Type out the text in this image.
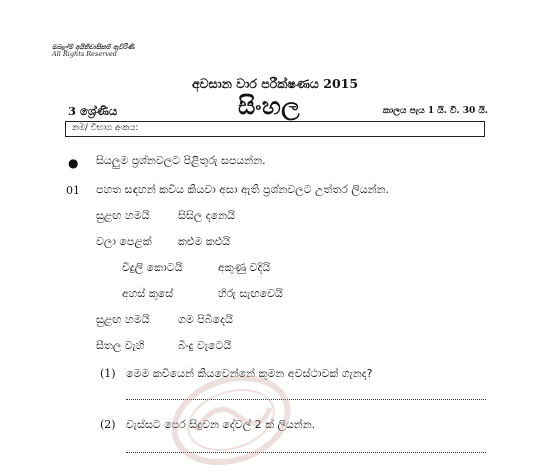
ඔබෑල්ම් අයිතිවාසිකම් ඇවිරිණි
All Rights Reserved
අවසාන වාර පරීක්ෂණය 2015
3 ශ්‍රේණිය	සිංහල	කාලය පැය 1 යි. වි. 30 යි.
නම/ විභාග අංකය:
● සියලුම ප්‍රශ්නවලට පිළිතුරු සපයන්න.
01 පහත සඳහන් කවිය කියවා අසා ඇති ප්‍රශ්නවලට උත්තර ලියන්න.
සුළඟ හමයි	සිසිල දනෙයි
වලා පෙළක් කළුම කළුයි
විදුලි කොටයි	අකුණු වදියි
අහස් කුසේ	හිරු සැඟවෙයි
සුළඟ හමයි	ගම පිබිදෙයි
සීතල වැහි	බිංදු වැටෙයි
(1) මෙම කවියෙන් කියවෙන්නේ කුමන අවස්ථාවක් ගැනද?
(2) වැස්සට පෙර සිදුවන දේවල් 2 ක් ලියන්න.
